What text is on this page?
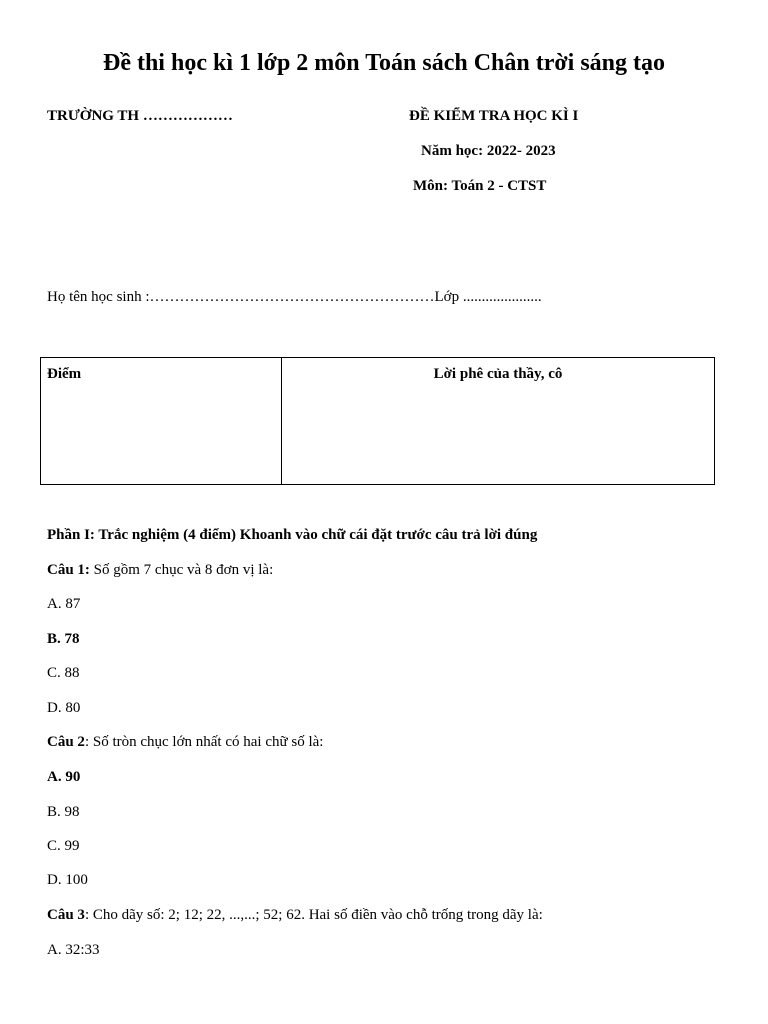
Đề thi học kì 1 lớp 2 môn Toán sách Chân trời sáng tạo
TRƯỜNG TH ………………	ĐỀ KIỂM TRA HỌC KÌ I
Năm học: 2022- 2023
Môn: Toán 2 - CTST
Họ tên học sinh :…………………………………………………Lớp .....................
Điểm	Lời phê của thầy, cô
Phần I: Trắc nghiệm (4 điểm) Khoanh vào chữ cái đặt trước câu trả lời đúng
Câu 1: Số gồm 7 chục và 8 đơn vị là:
A. 87
B. 78
C. 88
D. 80
Câu 2: Số tròn chục lớn nhất có hai chữ số là:
A. 90
B. 98
C. 99
D. 100
Câu 3: Cho dãy số: 2; 12; 22, ...,...; 52; 62. Hai số điền vào chỗ trống trong dãy là:
A. 32:33
